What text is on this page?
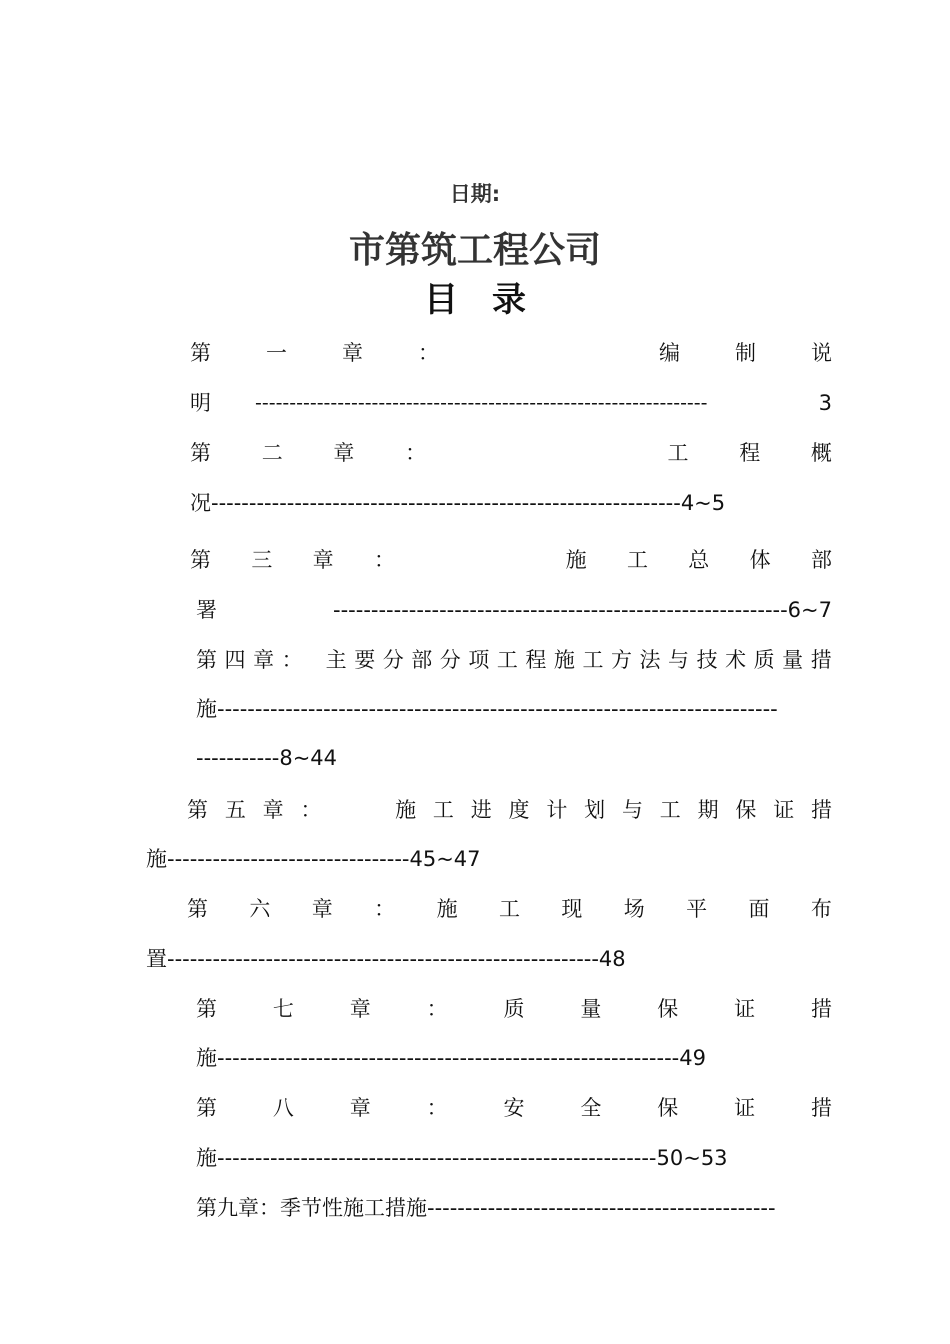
日期:
市第筑工程公司
目 录
第	一	章	：	编	制	说
明 ------------------------------------------------------------------	3
第 二 章 ：	工 程 概
况--------------------------------------------------------------4~5
第 三 章 ：	施 工 总 体 部
署	------------------------------------------------------------6~7
第 四 章 ： 主 要 分 部 分 项 工 程 施 工 方 法 与 技 术 质 量 措
施--------------------------------------------------------------------------
-----------8~44
第 五 章 ：	施 工 进 度 计 划 与 工 期 保 证 措
施--------------------------------45~47
第 六 章 ： 施 工 现 场 平 面 布
置---------------------------------------------------------48
第	七	章	：	质	量	保	证	措
施-------------------------------------------------------------49
第	八	章	：	安	全	保	证	措
施----------------------------------------------------------50~53
第九章：季节性施工措施----------------------------------------------
